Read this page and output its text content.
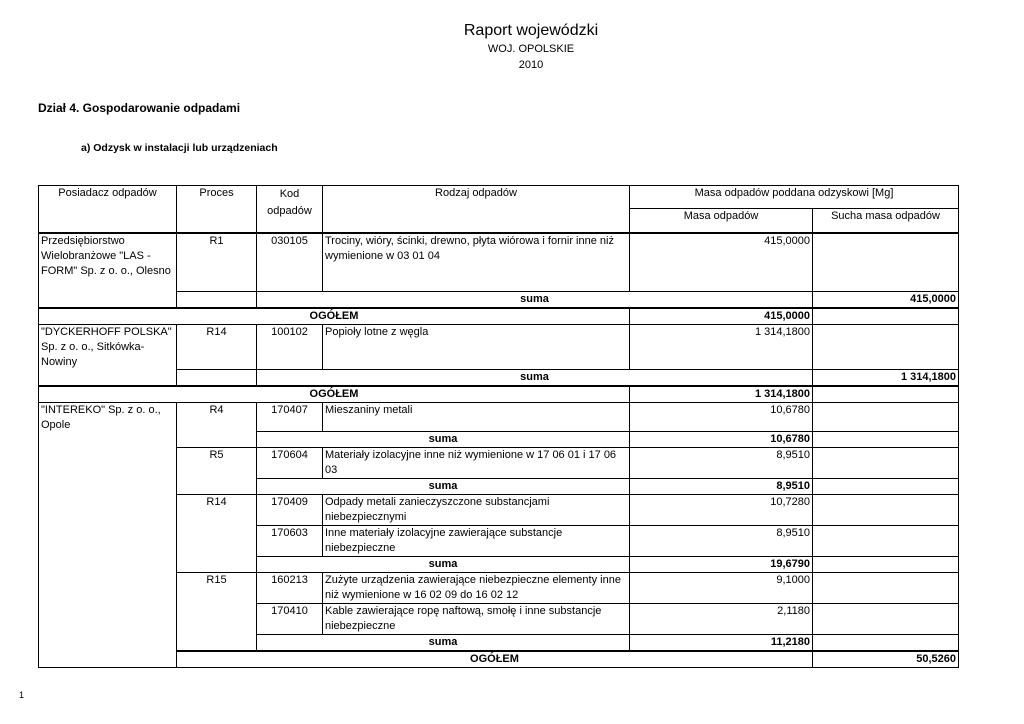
Raport wojewódzki
WOJ. OPOLSKIE
2010
Dział 4. Gospodarowanie odpadami
a) Odzysk w instalacji lub urządzeniach
Posiadacz odpadów	Proces	Kod odpadów	Rodzaj odpadów	Masa odpadów poddana odzyskowi [Mg]		
				Masa odpadów	Sucha masa odpadów	
Przedsiębiorstwo Wielobranżowe "LAS - FORM" Sp. z o. o., Olesno	R1	030105	Trociny, wióry, ścinki, drewno, płyta wiórowa i fornir inne niż wymienione w 03 01 04	415,0000		
		suma			415,0000	
OGÓŁEM				415,0000		
"DYCKERHOFF POLSKA" Sp. z o. o., Sitkówka-Nowiny	R14	100102	Popioły lotne z węgla	1 314,1800		
		suma			1 314,1800	
OGÓŁEM				1 314,1800		
"INTEREKO" Sp. z o. o., Opole	R4	170407	Mieszaniny metali	10,6780		
		suma		10,6780		
	R5	170604	Materiały izolacyjne inne niż wymienione w 17 06 01 i 17 06 03	8,9510		
		suma		8,9510		
	R14	170409	Odpady metali zanieczyszczone substancjami niebezpiecznymi	10,7280		
		170603	Inne materiały izolacyjne zawierające substancje niebezpieczne	8,9510		
		suma		19,6790		
	R15	160213	Zużyte urządzenia zawierające niebezpieczne elementy inne niż wymienione w 16 02 09 do 16 02 12	9,1000		
		170410	Kable zawierające ropę naftową, smołę i inne substancje niebezpieczne	2,1180		
		suma		11,2180		
	OGÓŁEM				50,5260	
1
